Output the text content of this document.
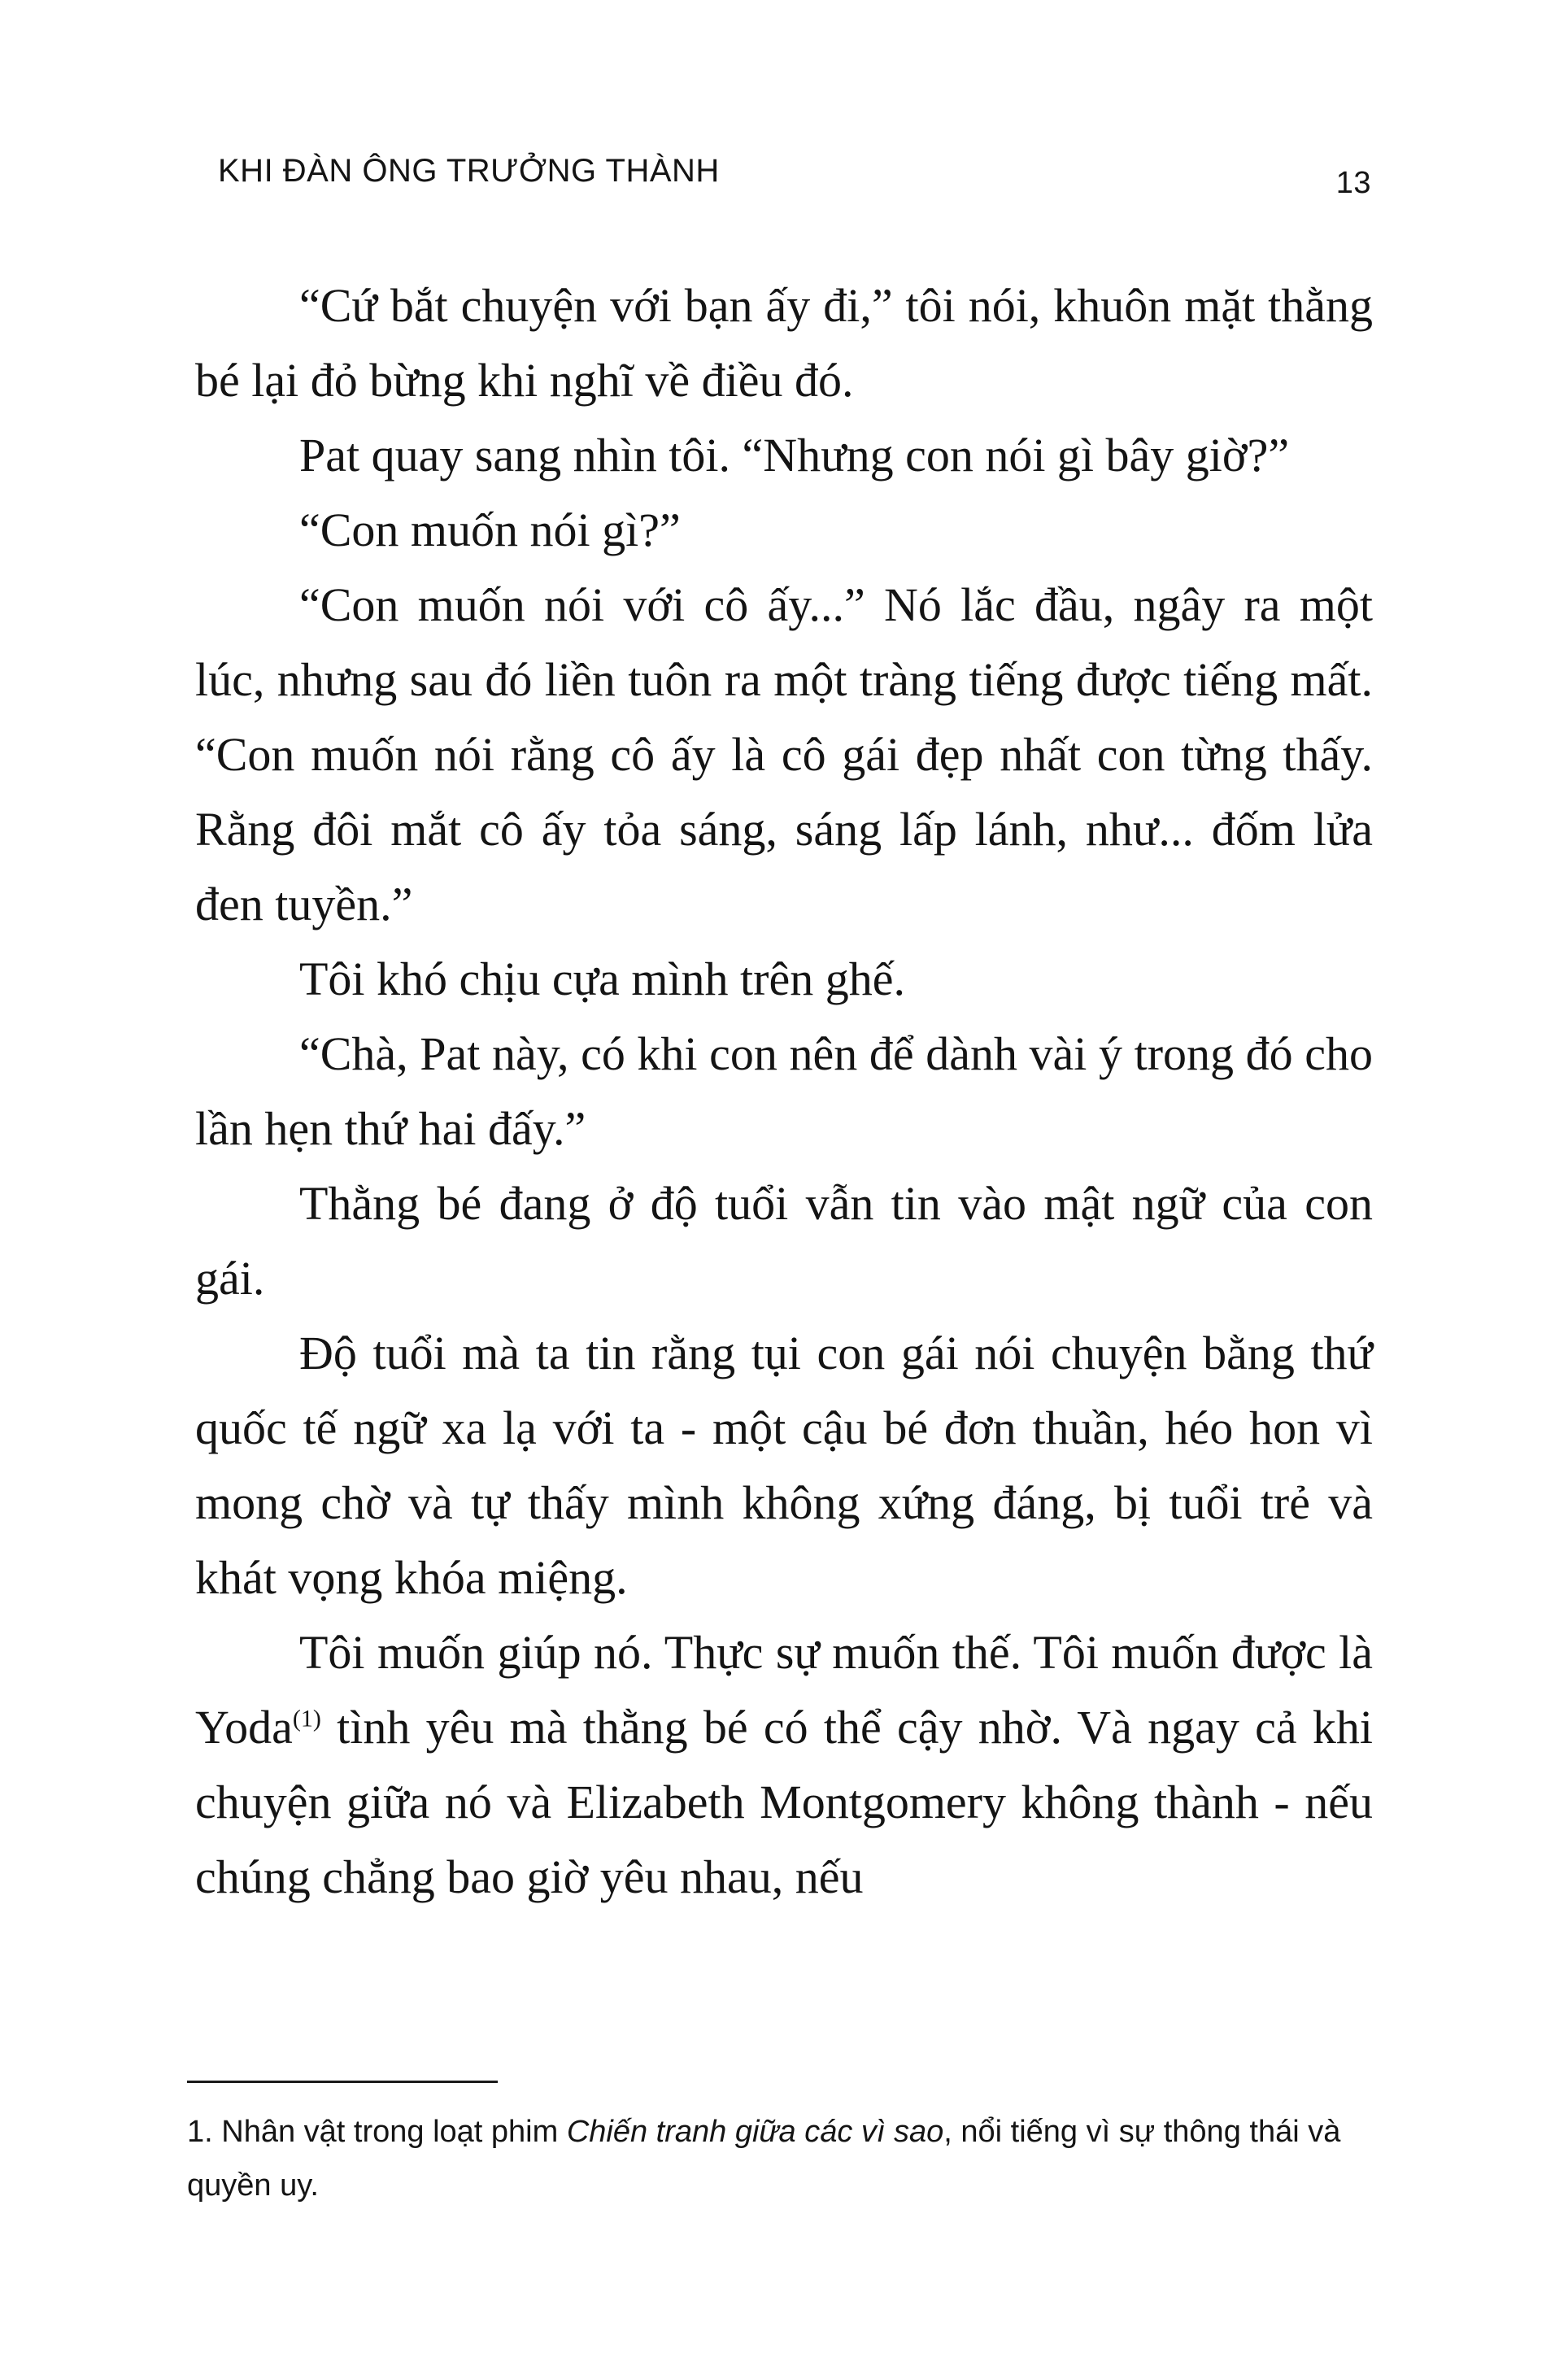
KHI ĐÀN ÔNG TRƯỞNG THÀNH	13

“Cứ bắt chuyện với bạn ấy đi,” tôi nói, khuôn mặt thằng bé lại đỏ bừng khi nghĩ về điều đó.

Pat quay sang nhìn tôi. “Nhưng con nói gì bây giờ?”

“Con muốn nói gì?”

“Con muốn nói với cô ấy...” Nó lắc đầu, ngây ra một lúc, nhưng sau đó liền tuôn ra một tràng tiếng được tiếng mất. “Con muốn nói rằng cô ấy là cô gái đẹp nhất con từng thấy. Rằng đôi mắt cô ấy tỏa sáng, sáng lấp lánh, như... đốm lửa đen tuyền.”

Tôi khó chịu cựa mình trên ghế.

“Chà, Pat này, có khi con nên để dành vài ý trong đó cho lần hẹn thứ hai đấy.”

Thằng bé đang ở độ tuổi vẫn tin vào mật ngữ của con gái.

Độ tuổi mà ta tin rằng tụi con gái nói chuyện bằng thứ quốc tế ngữ xa lạ với ta - một cậu bé đơn thuần, héo hon vì mong chờ và tự thấy mình không xứng đáng, bị tuổi trẻ và khát vọng khóa miệng.

Tôi muốn giúp nó. Thực sự muốn thế. Tôi muốn được là Yoda$^{(1)}$ tình yêu mà thằng bé có thể cậy nhờ. Và ngay cả khi chuyện giữa nó và Elizabeth Montgomery không thành - nếu chúng chẳng bao giờ yêu nhau, nếu

1. Nhân vật trong loạt phim Chiến tranh giữa các vì sao, nổi tiếng vì sự thông thái và quyền uy.
